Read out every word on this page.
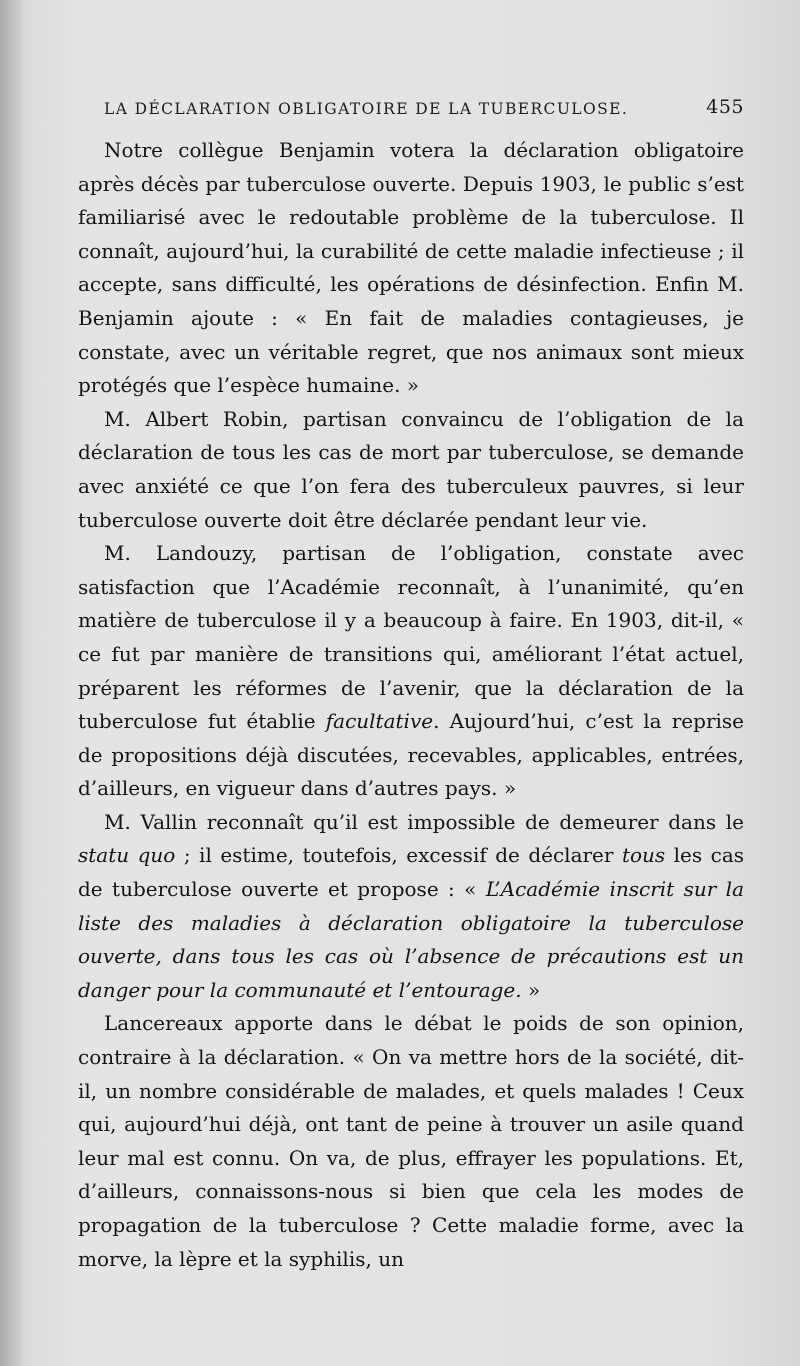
LA DÉCLARATION OBLIGATOIRE DE LA TUBERCULOSE.	455

Notre collègue Benjamin votera la déclaration obligatoire après décès par tuberculose ouverte. Depuis 1903, le public s’est familiarisé avec le redoutable problème de la tuberculose. Il connaît, aujourd’hui, la curabilité de cette maladie infectieuse ; il accepte, sans difficulté, les opérations de désinfection. Enfin M. Benjamin ajoute : « En fait de maladies contagieuses, je constate, avec un véritable regret, que nos animaux sont mieux protégés que l’espèce humaine. »

M. Albert Robin, partisan convaincu de l’obligation de la déclaration de tous les cas de mort par tuberculose, se demande avec anxiété ce que l’on fera des tuberculeux pauvres, si leur tuberculose ouverte doit être déclarée pendant leur vie.

M. Landouzy, partisan de l’obligation, constate avec satisfaction que l’Académie reconnaît, à l’unanimité, qu’en matière de tuberculose il y a beaucoup à faire. En 1903, dit-il, « ce fut par manière de transitions qui, améliorant l’état actuel, préparent les réformes de l’avenir, que la déclaration de la tuberculose fut établie facultative. Aujourd’hui, c’est la reprise de propositions déjà discutées, recevables, applicables, entrées, d’ailleurs, en vigueur dans d’autres pays. »

M. Vallin reconnaît qu’il est impossible de demeurer dans le statu quo ; il estime, toutefois, excessif de déclarer tous les cas de tuberculose ouverte et propose : « L’Académie inscrit sur la liste des maladies à déclaration obligatoire la tuberculose ouverte, dans tous les cas où l’absence de précautions est un danger pour la communauté et l’entourage. »

Lancereaux apporte dans le débat le poids de son opinion, contraire à la déclaration. « On va mettre hors de la société, dit-il, un nombre considérable de malades, et quels malades ! Ceux qui, aujourd’hui déjà, ont tant de peine à trouver un asile quand leur mal est connu. On va, de plus, effrayer les populations. Et, d’ailleurs, connaissons-nous si bien que cela les modes de propagation de la tuberculose ? Cette maladie forme, avec la morve, la lèpre et la syphilis, un
